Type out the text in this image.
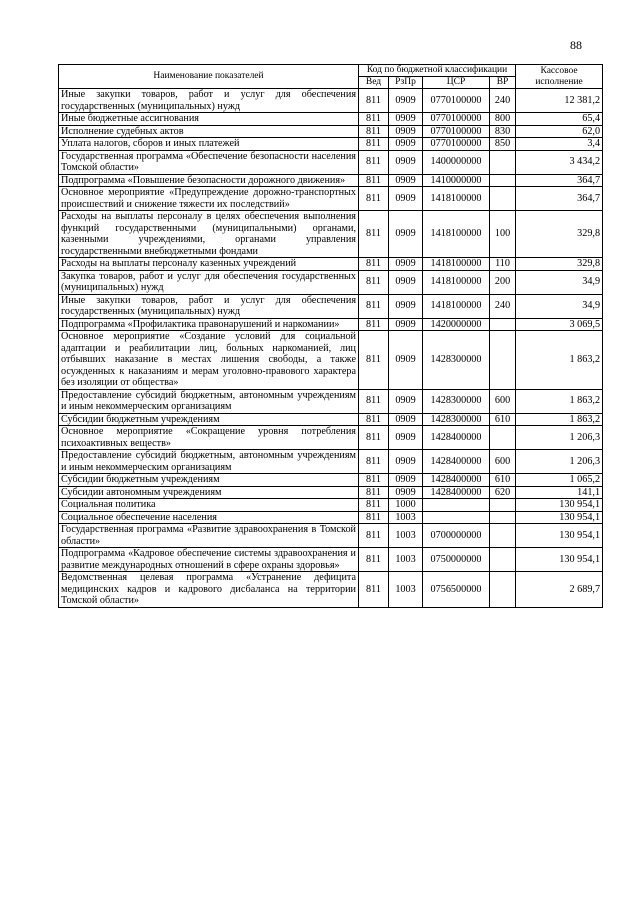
88
Наименование показателей	Код по бюджетной классификации				Кассовое исполнение
	Вед	РзПр	ЦСР	ВР	
Иные закупки товаров, работ и услуг для обеспечения государственных (муниципальных) нужд	811	0909	0770100000	240	12 381,2
Иные бюджетные ассигнования	811	0909	0770100000	800	65,4
Исполнение судебных актов	811	0909	0770100000	830	62,0
Уплата налогов, сборов и иных платежей	811	0909	0770100000	850	3,4
Государственная программа «Обеспечение безопасности населения Томской области»	811	0909	1400000000		3 434,2
Подпрограмма «Повышение безопасности дорожного движения»	811	0909	1410000000		364,7
Основное мероприятие «Предупреждение дорожно-транспортных происшествий и снижение тяжести их последствий»	811	0909	1418100000		364,7
Расходы на выплаты персоналу в целях обеспечения выполнения функций государственными (муниципальными) органами, казенными учреждениями, органами управления государственными внебюджетными фондами	811	0909	1418100000	100	329,8
Расходы на выплаты персоналу казенных учреждений	811	0909	1418100000	110	329,8
Закупка товаров, работ и услуг для обеспечения государственных (муниципальных) нужд	811	0909	1418100000	200	34,9
Иные закупки товаров, работ и услуг для обеспечения государственных (муниципальных) нужд	811	0909	1418100000	240	34,9
Подпрограмма «Профилактика правонарушений и наркомании»	811	0909	1420000000		3 069,5
Основное мероприятие «Создание условий для социальной адаптации и реабилитации лиц, больных наркоманией, лиц отбывших наказание в местах лишения свободы, а также осужденных к наказаниям и мерам уголовно-правового характера без изоляции от общества»	811	0909	1428300000		1 863,2
Предоставление субсидий бюджетным, автономным учреждениям и иным некоммерческим организациям	811	0909	1428300000	600	1 863,2
Субсидии бюджетным учреждениям	811	0909	1428300000	610	1 863,2
Основное мероприятие «Сокращение уровня потребления психоактивных веществ»	811	0909	1428400000		1 206,3
Предоставление субсидий бюджетным, автономным учреждениям и иным некоммерческим организациям	811	0909	1428400000	600	1 206,3
Субсидии бюджетным учреждениям	811	0909	1428400000	610	1 065,2
Субсидии автономным учреждениям	811	0909	1428400000	620	141,1
Социальная политика	811	1000			130 954,1
Социальное обеспечение населения	811	1003			130 954,1
Государственная программа «Развитие здравоохранения в Томской области»	811	1003	0700000000		130 954,1
Подпрограмма «Кадровое обеспечение системы здравоохранения и развитие международных отношений в сфере охраны здоровья»	811	1003	0750000000		130 954,1
Ведомственная целевая программа «Устранение дефицита медицинских кадров и кадрового дисбаланса на территории Томской области»	811	1003	0756500000		2 689,7
